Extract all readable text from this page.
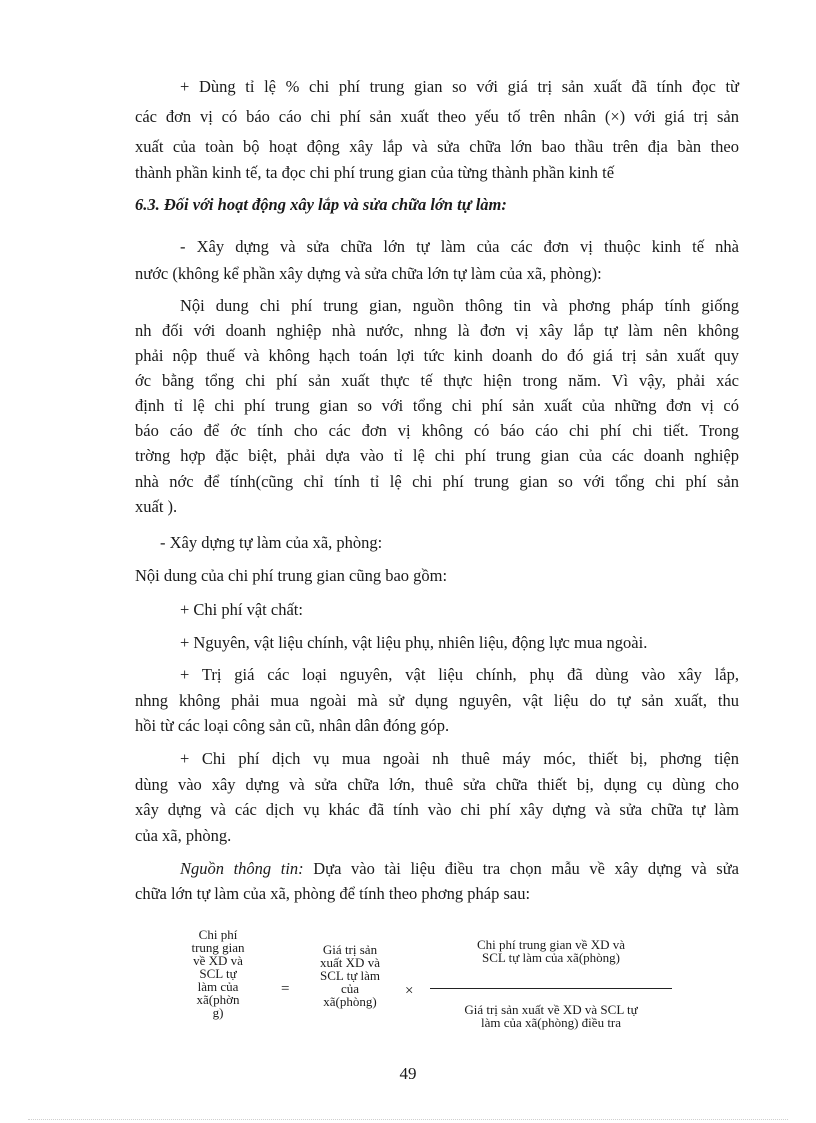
+ Dùng tỉ lệ % chi phí trung gian so với giá trị sản xuất đã tính đọc từ
các đơn vị có báo cáo chi phí sản xuất theo yếu tố trên nhân (×) với giá trị sản
xuất của toàn bộ hoạt động xây lắp và sửa chữa lớn bao thầu trên địa bàn theo
thành phần kinh tế, ta đọc chi phí trung gian của từng thành phần kinh tế
6.3. Đối với hoạt động xây lắp và sửa chữa lớn tự làm:
- Xây dựng và sửa chữa lớn tự làm của các đơn vị thuộc kinh tế nhà
nước (không kể phần xây dựng và sửa chữa lớn tự làm của xã, phòng):
Nội dung chi phí trung gian, nguồn thông tin và phơng pháp tính giống
nh đối với doanh nghiệp nhà nước, nhng là đơn vị xây lắp tự làm nên không
phải nộp thuế và không hạch toán lợi tức kinh doanh do đó giá trị sản xuất quy
ớc bằng tổng chi phí sản xuất thực tế thực hiện trong năm. Vì vậy, phải xác
định tỉ lệ chi phí trung gian so với tổng chi phí sản xuất của những đơn vị có
báo cáo để ớc tính cho các đơn vị không có báo cáo chi phí chi tiết. Trong
trờng hợp đặc biệt, phải dựa vào tỉ lệ chi phí trung gian của các doanh nghiệp
nhà nớc để tính(cũng chỉ tính tỉ lệ chi phí trung gian so với tổng chi phí sản
xuất ).
- Xây dựng tự làm của xã, phòng:
Nội dung của chi phí trung gian cũng bao gồm:
+ Chi phí vật chất:
+ Nguyên, vật liệu chính, vật liệu phụ, nhiên liệu, động lực mua ngoài.
+ Trị giá các loại nguyên, vật liệu chính, phụ đã dùng vào xây lắp,
nhng không phải mua ngoài mà sử dụng nguyên, vật liệu do tự sản xuất, thu
hồi từ các loại công sản cũ, nhân dân đóng góp.
+ Chi phí dịch vụ mua ngoài nh thuê máy móc, thiết bị, phơng tiện
dùng vào xây dựng và sửa chữa lớn, thuê sửa chữa thiết bị, dụng cụ dùng cho
xây dựng và các dịch vụ khác đã tính vào chi phí xây dựng và sửa chữa tự làm
của xã, phòng.
Nguồn thông tin: Dựa vào tài liệu điều tra chọn mẫu về xây dựng và sửa
chữa lớn tự làm của xã, phòng để tính theo phơng pháp sau:
Chi phí
trung gian
về XD và
SCL tự
làm của
xã(phờn
g)
=
Giá trị sản
xuất XD và
SCL tự làm
của
xã(phòng)
×
Chi phí trung gian về XD và
SCL tự làm của xã(phòng)
Giá trị sản xuất về XD và SCL tự
làm của xã(phòng) điều tra
49
